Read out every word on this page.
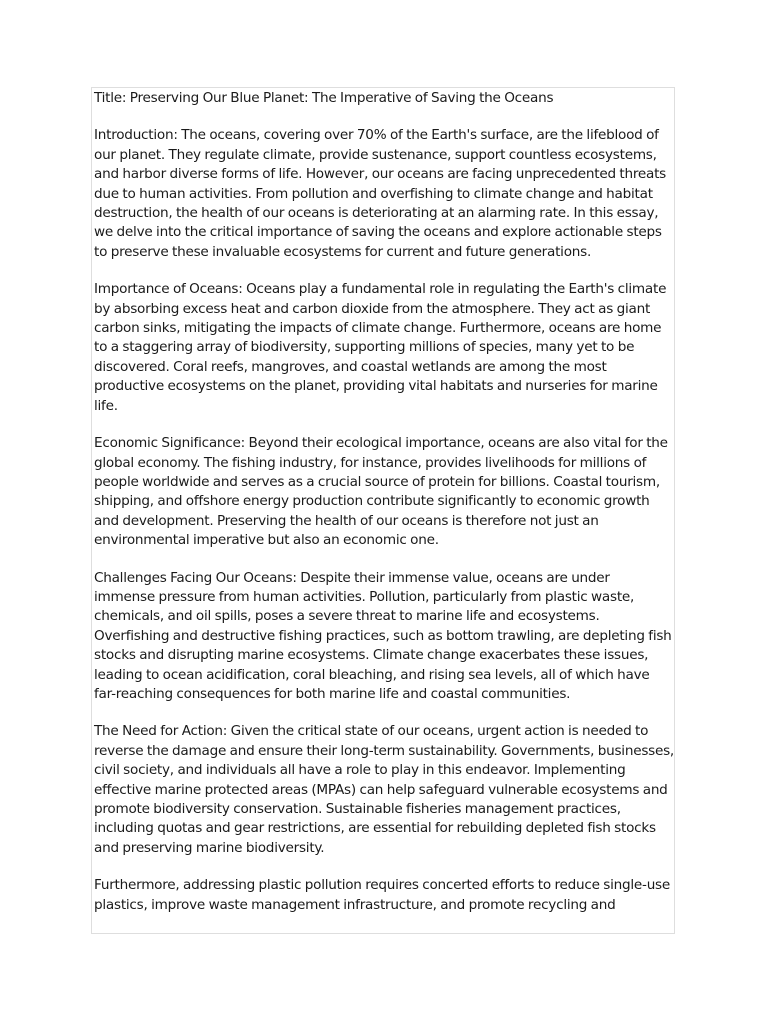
Title: Preserving Our Blue Planet: The Imperative of Saving the Oceans

Introduction: The oceans, covering over 70% of the Earth's surface, are the lifeblood of our planet. They regulate climate, provide sustenance, support countless ecosystems, and harbor diverse forms of life. However, our oceans are facing unprecedented threats due to human activities. From pollution and overfishing to climate change and habitat destruction, the health of our oceans is deteriorating at an alarming rate. In this essay, we delve into the critical importance of saving the oceans and explore actionable steps to preserve these invaluable ecosystems for current and future generations.

Importance of Oceans: Oceans play a fundamental role in regulating the Earth's climate by absorbing excess heat and carbon dioxide from the atmosphere. They act as giant carbon sinks, mitigating the impacts of climate change. Furthermore, oceans are home to a staggering array of biodiversity, supporting millions of species, many yet to be discovered. Coral reefs, mangroves, and coastal wetlands are among the most productive ecosystems on the planet, providing vital habitats and nurseries for marine life.

Economic Significance: Beyond their ecological importance, oceans are also vital for the global economy. The fishing industry, for instance, provides livelihoods for millions of people worldwide and serves as a crucial source of protein for billions. Coastal tourism, shipping, and offshore energy production contribute significantly to economic growth and development. Preserving the health of our oceans is therefore not just an environmental imperative but also an economic one.

Challenges Facing Our Oceans: Despite their immense value, oceans are under immense pressure from human activities. Pollution, particularly from plastic waste, chemicals, and oil spills, poses a severe threat to marine life and ecosystems. Overfishing and destructive fishing practices, such as bottom trawling, are depleting fish stocks and disrupting marine ecosystems. Climate change exacerbates these issues, leading to ocean acidification, coral bleaching, and rising sea levels, all of which have far-reaching consequences for both marine life and coastal communities.

The Need for Action: Given the critical state of our oceans, urgent action is needed to reverse the damage and ensure their long-term sustainability. Governments, businesses, civil society, and individuals all have a role to play in this endeavor. Implementing effective marine protected areas (MPAs) can help safeguard vulnerable ecosystems and promote biodiversity conservation. Sustainable fisheries management practices, including quotas and gear restrictions, are essential for rebuilding depleted fish stocks and preserving marine biodiversity.

Furthermore, addressing plastic pollution requires concerted efforts to reduce single-use plastics, improve waste management infrastructure, and promote recycling and
